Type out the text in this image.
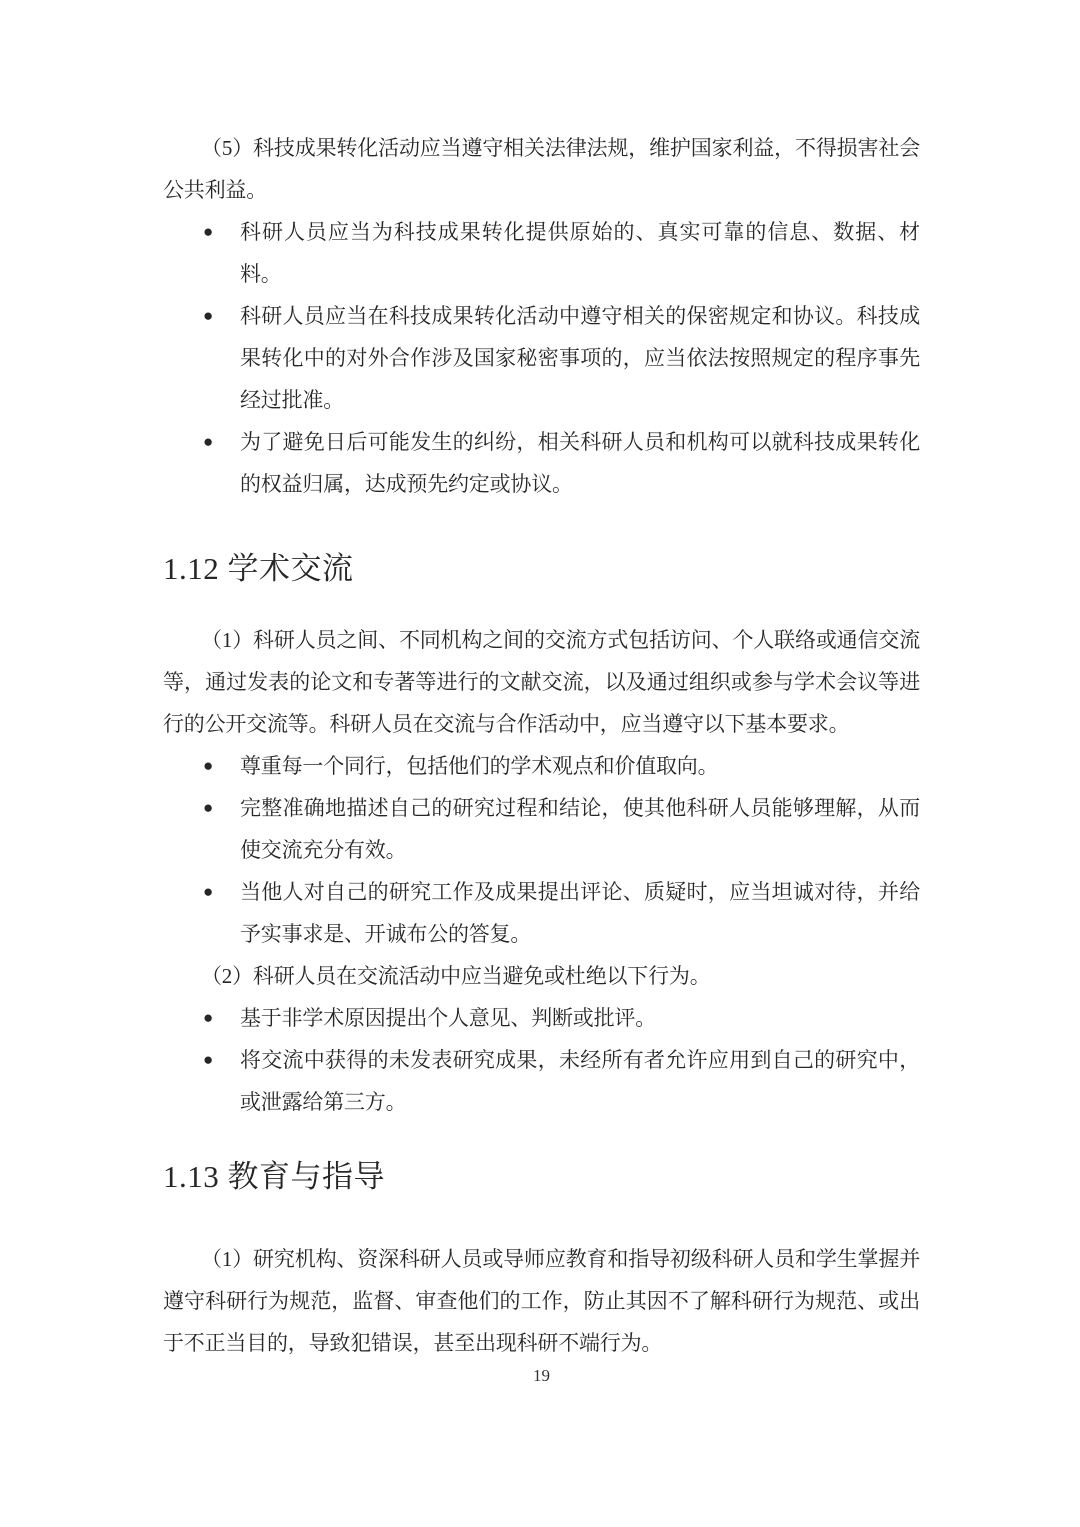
（5）科技成果转化活动应当遵守相关法律法规，维护国家利益，不得损害社会公共利益。

● 科研人员应当为科技成果转化提供原始的、真实可靠的信息、数据、材料。
● 科研人员应当在科技成果转化活动中遵守相关的保密规定和协议。科技成果转化中的对外合作涉及国家秘密事项的，应当依法按照规定的程序事先经过批准。
● 为了避免日后可能发生的纠纷，相关科研人员和机构可以就科技成果转化的权益归属，达成预先约定或协议。
1.12 学术交流

（1）科研人员之间、不同机构之间的交流方式包括访问、个人联络或通信交流等，通过发表的论文和专著等进行的文献交流，以及通过组织或参与学术会议等进行的公开交流等。科研人员在交流与合作活动中，应当遵守以下基本要求。

● 尊重每一个同行，包括他们的学术观点和价值取向。
● 完整准确地描述自己的研究过程和结论，使其他科研人员能够理解，从而使交流充分有效。
● 当他人对自己的研究工作及成果提出评论、质疑时，应当坦诚对待，并给予实事求是、开诚布公的答复。

（2）科研人员在交流活动中应当避免或杜绝以下行为。

● 基于非学术原因提出个人意见、判断或批评。
● 将交流中获得的未发表研究成果，未经所有者允许应用到自己的研究中，或泄露给第三方。
1.13 教育与指导

（1）研究机构、资深科研人员或导师应教育和指导初级科研人员和学生掌握并遵守科研行为规范，监督、审查他们的工作，防止其因不了解科研行为规范、或出于不正当目的，导致犯错误，甚至出现科研不端行为。

19
